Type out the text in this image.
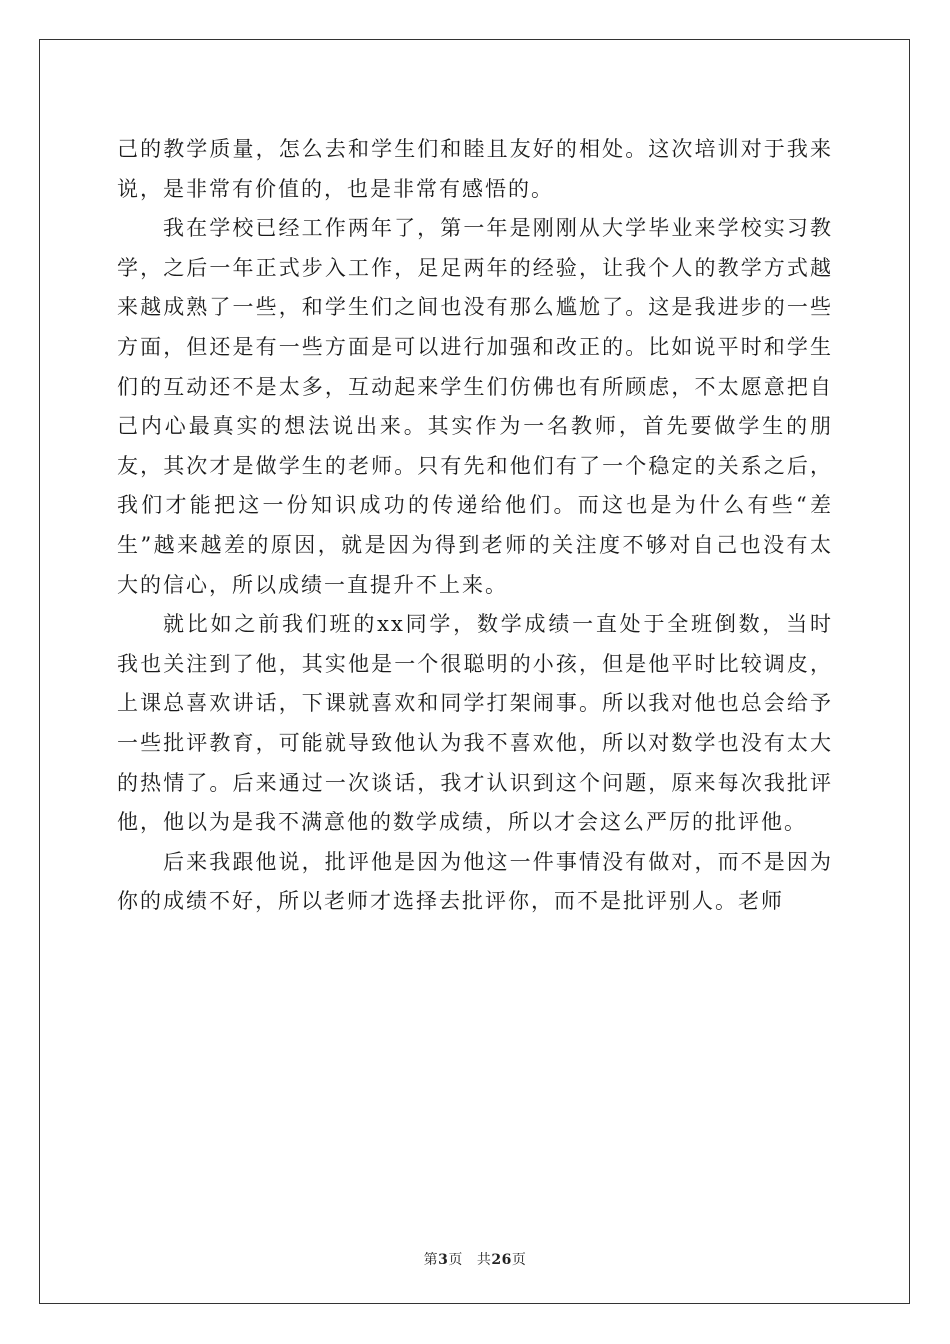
己的教学质量，怎么去和学生们和睦且友好的相处。这次培训对于我来说，是非常有价值的，也是非常有感悟的。

我在学校已经工作两年了，第一年是刚刚从大学毕业来学校实习教学，之后一年正式步入工作，足足两年的经验，让我个人的教学方式越来越成熟了一些，和学生们之间也没有那么尴尬了。这是我进步的一些方面，但还是有一些方面是可以进行加强和改正的。比如说平时和学生们的互动还不是太多，互动起来学生们仿佛也有所顾虑，不太愿意把自己内心最真实的想法说出来。其实作为一名教师，首先要做学生的朋友，其次才是做学生的老师。只有先和他们有了一个稳定的关系之后，我们才能把这一份知识成功的传递给他们。而这也是为什么有些“差生”越来越差的原因，就是因为得到老师的关注度不够对自己也没有太大的信心，所以成绩一直提升不上来。

就比如之前我们班的xx同学，数学成绩一直处于全班倒数，当时我也关注到了他，其实他是一个很聪明的小孩，但是他平时比较调皮，上课总喜欢讲话，下课就喜欢和同学打架闹事。所以我对他也总会给予一些批评教育，可能就导致他认为我不喜欢他，所以对数学也没有太大的热情了。后来通过一次谈话，我才认识到这个问题，原来每次我批评他，他以为是我不满意他的数学成绩，所以才会这么严厉的批评他。

后来我跟他说，批评他是因为他这一件事情没有做对，而不是因为你的成绩不好，所以老师才选择去批评你，而不是批评别人。老师

第3页 共26页
